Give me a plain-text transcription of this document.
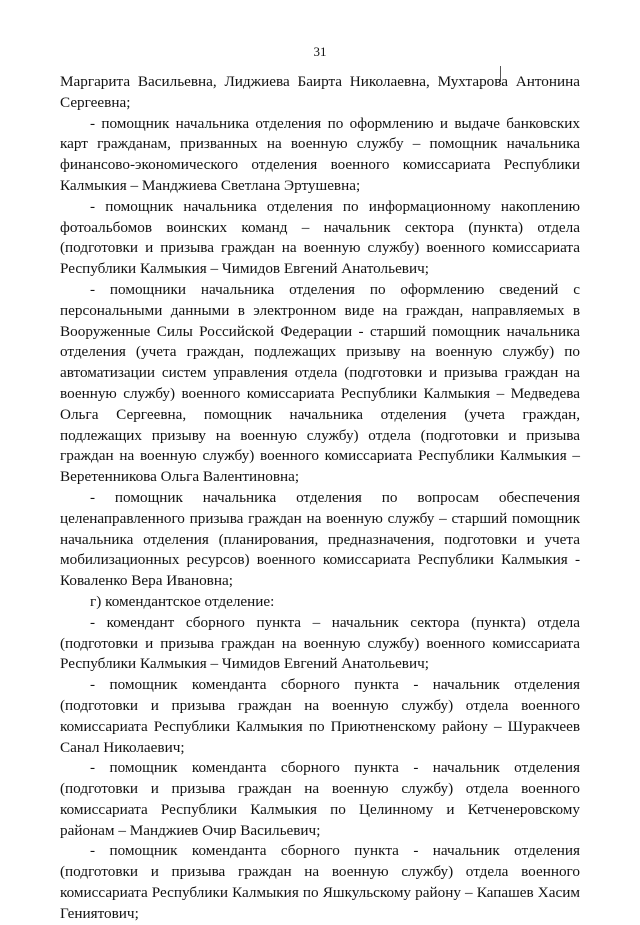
31

Маргарита Васильевна, Лиджиева Баирта Николаевна, Мухтарова Антонина Сергеевна;

- помощник начальника отделения по оформлению и выдаче банковских карт гражданам, призванных на военную службу – помощник начальника финансово-экономического отделения военного комиссариата Республики Калмыкия – Манджиева Светлана Эртушевна;

- помощник начальника отделения по информационному накоплению фотоальбомов воинских команд – начальник сектора (пункта) отдела (подготовки и призыва граждан на военную службу) военного комиссариата Республики Калмыкия – Чимидов Евгений Анатольевич;

- помощники начальника отделения по оформлению сведений с персональными данными в электронном виде на граждан, направляемых в Вооруженные Силы Российской Федерации - старший помощник начальника отделения (учета граждан, подлежащих призыву на военную службу) по автоматизации систем управления отдела (подготовки и призыва граждан на военную службу) военного комиссариата Республики Калмыкия – Медведева Ольга Сергеевна, помощник начальника отделения (учета граждан, подлежащих призыву на военную службу) отдела (подготовки и призыва граждан на военную службу) военного комиссариата Республики Калмыкия – Веретенникова Ольга Валентиновна;

- помощник начальника отделения по вопросам обеспечения целенаправленного призыва граждан на военную службу – старший помощник начальника отделения (планирования, предназначения, подготовки и учета мобилизационных ресурсов) военного комиссариата Республики Калмыкия - Коваленко Вера Ивановна;

г) комендантское отделение:

- комендант сборного пункта – начальник сектора (пункта) отдела (подготовки и призыва граждан на военную службу) военного комиссариата Республики Калмыкия – Чимидов Евгений Анатольевич;

- помощник коменданта сборного пункта - начальник отделения (подготовки и призыва граждан на военную службу) отдела военного комиссариата Республики Калмыкия по Приютненскому району – Шуракчеев Санал Николаевич;

- помощник коменданта сборного пункта - начальник отделения (подготовки и призыва граждан на военную службу) отдела военного комиссариата Республики Калмыкия по Целинному и Кетченеровскому районам – Манджиев Очир Васильевич;

- помощник коменданта сборного пункта - начальник отделения (подготовки и призыва граждан на военную службу) отдела военного комиссариата Республики Калмыкия по Яшкульскому району – Капашев Хасим Гениятович;
